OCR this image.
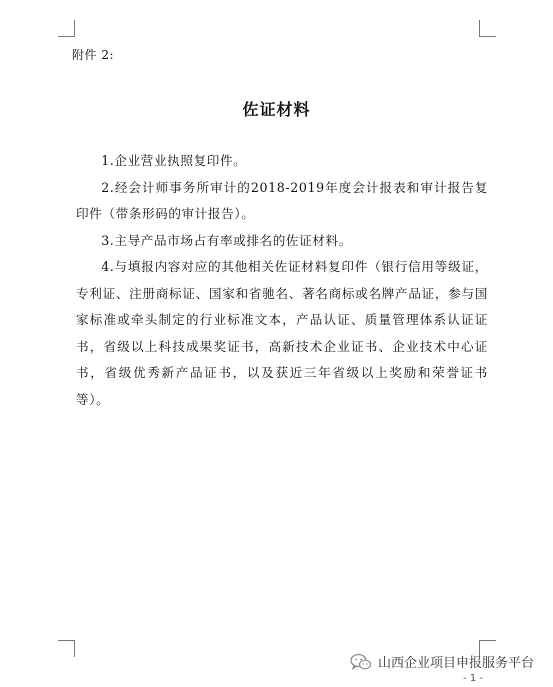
附件 2:
佐证材料

1.企业营业执照复印件。

2.经会计师事务所审计的2018-2019年度会计报表和审计报告复印件（带条形码的审计报告）。

3.主导产品市场占有率或排名的佐证材料。

4.与填报内容对应的其他相关佐证材料复印件（银行信用等级证，专利证、注册商标证、国家和省驰名、著名商标或名牌产品证，参与国家标准或牵头制定的行业标准文本，产品认证、质量管理体系认证证书，省级以上科技成果奖证书，高新技术企业证书、企业技术中心证书，省级优秀新产品证书，以及获近三年省级以上奖励和荣誉证书等）。

山西企业项目申报服务平台
- 1 -
